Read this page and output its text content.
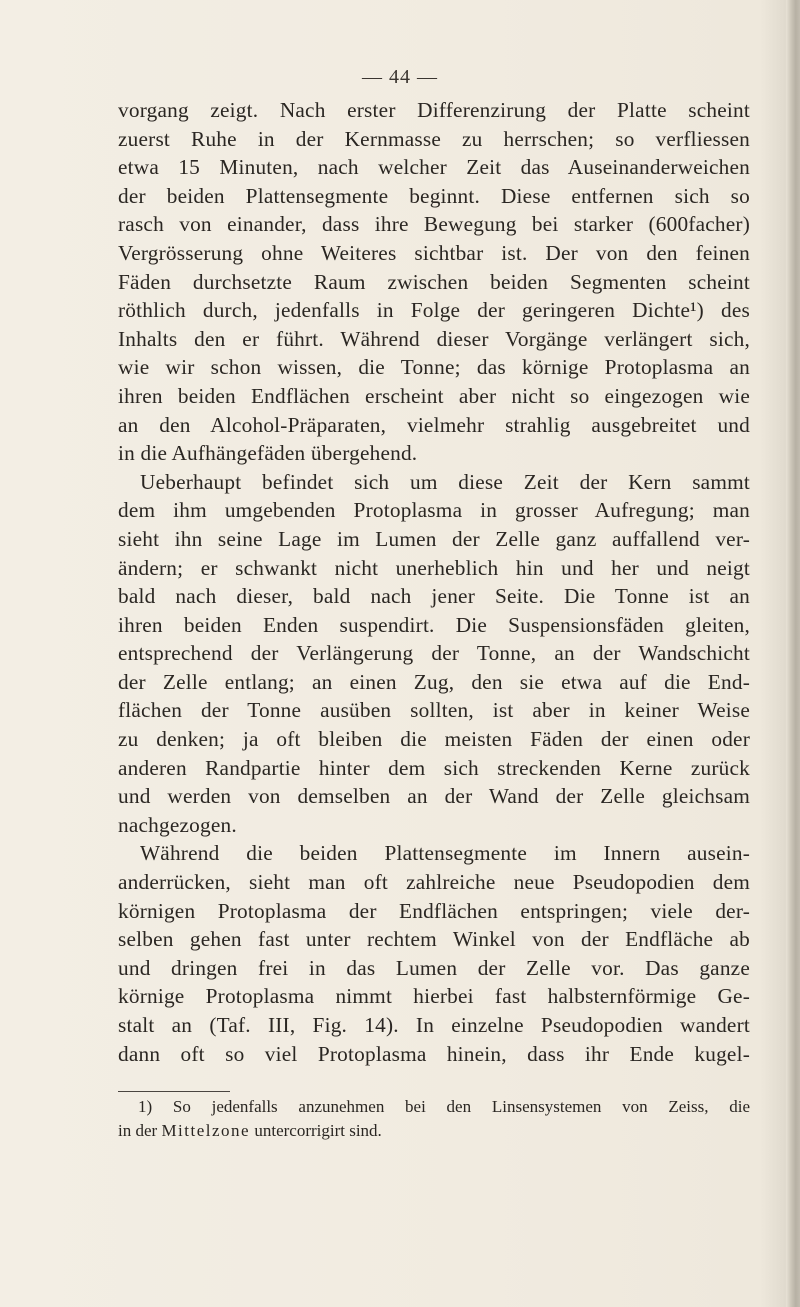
— 44 —
vorgang zeigt. Nach erster Differenzirung der Platte scheint
zuerst Ruhe in der Kernmasse zu herrschen; so verfliessen
etwa 15 Minuten, nach welcher Zeit das Auseinanderweichen
der beiden Plattensegmente beginnt. Diese entfernen sich so
rasch von einander, dass ihre Bewegung bei starker (600facher)
Vergrösserung ohne Weiteres sichtbar ist. Der von den feinen
Fäden durchsetzte Raum zwischen beiden Segmenten scheint
röthlich durch, jedenfalls in Folge der geringeren Dichte¹) des
Inhalts den er führt. Während dieser Vorgänge verlängert sich,
wie wir schon wissen, die Tonne; das körnige Protoplasma an
ihren beiden Endflächen erscheint aber nicht so eingezogen wie
an den Alcohol-Präparaten, vielmehr strahlig ausgebreitet und
in die Aufhängefäden übergehend.
Ueberhaupt befindet sich um diese Zeit der Kern sammt
dem ihm umgebenden Protoplasma in grosser Aufregung; man
sieht ihn seine Lage im Lumen der Zelle ganz auffallend ver-
ändern; er schwankt nicht unerheblich hin und her und neigt
bald nach dieser, bald nach jener Seite. Die Tonne ist an
ihren beiden Enden suspendirt. Die Suspensionsfäden gleiten,
entsprechend der Verlängerung der Tonne, an der Wandschicht
der Zelle entlang; an einen Zug, den sie etwa auf die End-
flächen der Tonne ausüben sollten, ist aber in keiner Weise
zu denken; ja oft bleiben die meisten Fäden der einen oder
anderen Randpartie hinter dem sich streckenden Kerne zurück
und werden von demselben an der Wand der Zelle gleichsam
nachgezogen.
Während die beiden Plattensegmente im Innern ausein-
anderrücken, sieht man oft zahlreiche neue Pseudopodien dem
körnigen Protoplasma der Endflächen entspringen; viele der-
selben gehen fast unter rechtem Winkel von der Endfläche ab
und dringen frei in das Lumen der Zelle vor. Das ganze
körnige Protoplasma nimmt hierbei fast halbsternförmige Ge-
stalt an (Taf. III, Fig. 14). In einzelne Pseudopodien wandert
dann oft so viel Protoplasma hinein, dass ihr Ende kugel-
1) So jedenfalls anzunehmen bei den Linsensystemen von Zeiss, die
in der Mittelzone untercorrigirt sind.
